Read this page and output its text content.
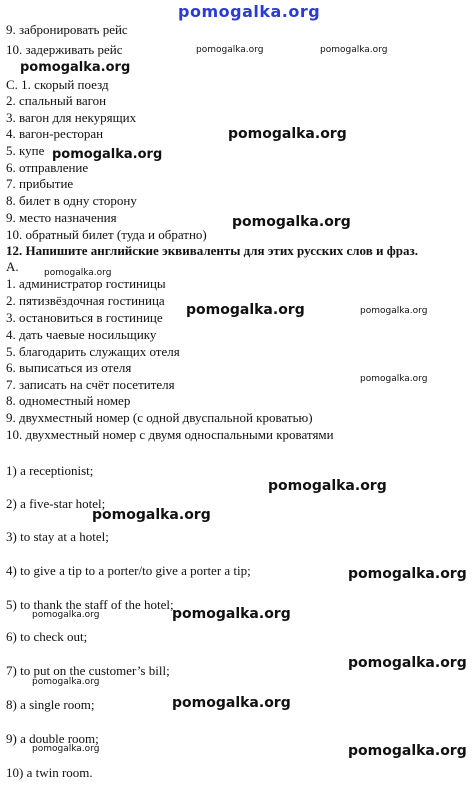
pomogalka.org
9. забронировать рейс
10. задерживать рейс
С. 1. скорый поезд
2. спальный вагон
3. вагон для некурящих
4. вагон-ресторан
5. купе
6. отправление
7. прибытие
8. билет в одну сторону
9. место назначения
10. обратный билет (туда и обратно)
12. Напишите английские эквиваленты для этих русских слов и фраз.
А.
1. администратор гостиницы
2. пятизвёздочная гостиница
3. остановиться в гостинице
4. дать чаевые носильщику
5. благодарить служащих отеля
6. выписаться из отеля
7. записать на счёт посетителя
8. одноместный номер
9. двухместный номер (с одной двуспальной кроватью)
10. двухместный номер с двумя односпальными кроватями
1) a receptionist;
2) a five-star hotel;
3) to stay at a hotel;
4) to give a tip to a porter/to give a porter a tip;
5) to thank the staff of the hotel;
6) to check out;
7) to put on the customer’s bill;
8) a single room;
9) a double room;
10) a twin room.
pomogalka.org	pomogalka.org
pomogalka.org
pomogalka.org
pomogalka.org
pomogalka.org
pomogalka.org
pomogalka.org	pomogalka.org
pomogalka.org
pomogalka.org
pomogalka.org
pomogalka.org
pomogalka.org	pomogalka.org
pomogalka.org
pomogalka.org
pomogalka.org
pomogalka.org	pomogalka.org
